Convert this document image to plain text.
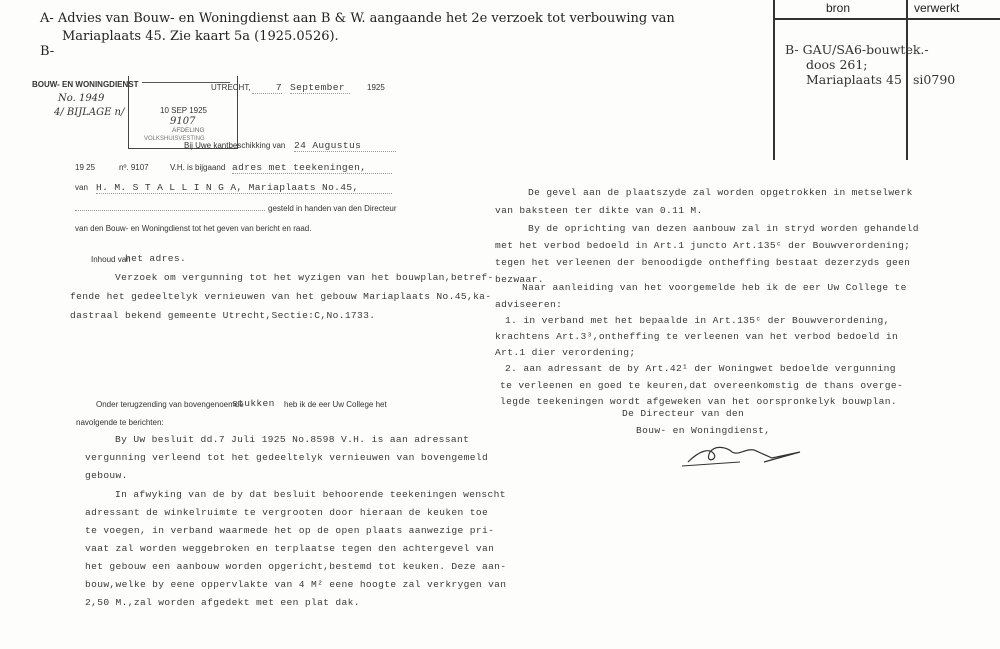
A- Advies van Bouw- en Woningdienst aan B & W. aangaande het 2e verzoek tot verbouwing van
Mariaplaats 45. Zie kaart 5a (1925.0526).
B-
bron	verwerkt
B- GAU/SA6-bouwtek.-
doos 261;
Mariaplaats 45 si0790
BOUW- EN WONINGDIENST
No. 1949
4/ BIJLAGE n/	10 SEP 1925
9107
AFDELING
VOLKSHUISVESTING
UTRECHT,	7 September	1925
Bij Uwe kantbeschikking van 24 Augustus
19 25	nº. 9107	V.H. is bijgaand adres met teekeningen,
van H. M. S T A L L I N G A, Mariaplaats No.45,
gesteld in handen van den Directeur
van den Bouw- en Woningdienst tot het geven van bericht en raad.
Inhoud van
het adres.
Verzoek om vergunning tot het wyzigen van het bouwplan,betref-
fende het gedeeltelyk vernieuwen van het gebouw Mariaplaats No.45,ka-
dastraal bekend gemeente Utrecht,Sectie:C,No.1733.
Onder terugzending van bovengenoemde
stukken heb ik de eer Uw College het
navolgende te berichten:
By Uw besluit dd.7 Juli 1925 No.8598 V.H. is aan adressant
vergunning verleend tot het gedeeltelyk vernieuwen van bovengemeld
gebouw.
In afwyking van de by dat besluit behoorende teekeningen wenscht
adressant de winkelruimte te vergrooten door hieraan de keuken toe
te voegen, in verband waarmede het op de open plaats aanwezige pri-
vaat zal worden weggebroken en terplaatse tegen den achtergevel van
het gebouw een aanbouw worden opgericht,bestemd tot keuken. Deze aan-
bouw,welke by eene oppervlakte van 4 M² eene hoogte zal verkrygen van
2,50 M.,zal worden afgedekt met een plat dak.
De gevel aan de plaatszyde zal worden opgetrokken in metselwerk
van baksteen ter dikte van 0.11 M.
By de oprichting van dezen aanbouw zal in stryd worden gehandeld
met het verbod bedoeld in Art.1 juncto Art.135ᶜ der Bouwverordening;
tegen het verleenen der benoodigde ontheffing bestaat dezerzyds geen
bezwaar.
Naar aanleiding van het voorgemelde heb ik de eer Uw College te
adviseeren:
1. in verband met het bepaalde in Art.135ᶜ der Bouwverordening,
krachtens Art.3³,ontheffing te verleenen van het verbod bedoeld in
Art.1 dier verordening;
2. aan adressant de by Art.42¹ der Woningwet bedoelde vergunning
te verleenen en goed te keuren,dat overeenkomstig de thans overge-
legde teekeningen wordt afgeweken van het oorspronkelyk bouwplan.
De Directeur van den
Bouw- en Woningdienst,
